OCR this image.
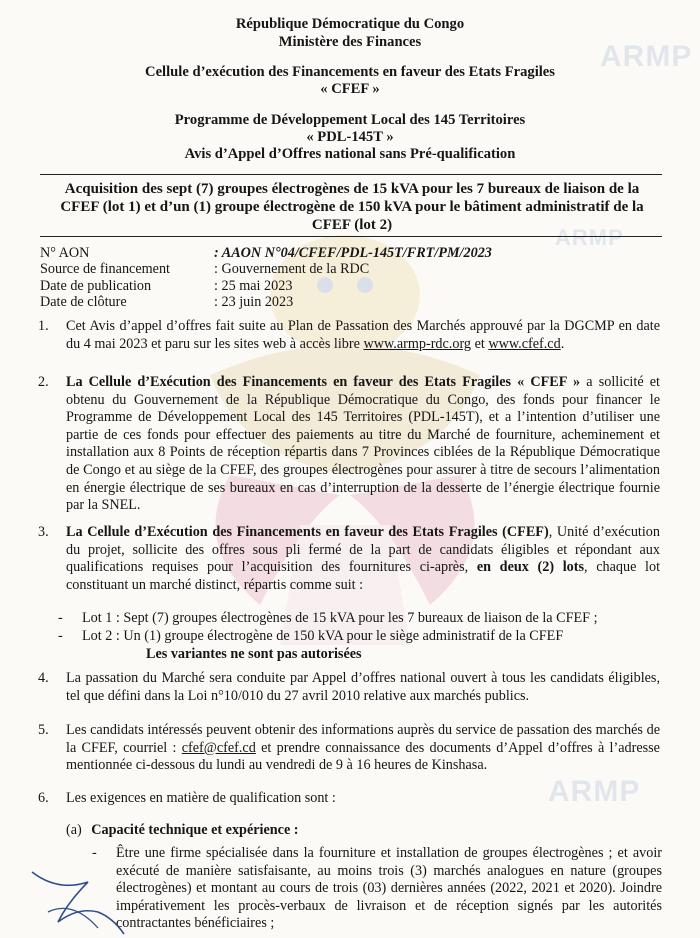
ARMP
ARMP
ARMP
République Démocratique du Congo
Ministère des Finances
Cellule d’exécution des Financements en faveur des Etats Fragiles
« CFEF »
Programme de Développement Local des 145 Territoires
« PDL-145T »
Avis d’Appel d’Offres national sans Pré-qualification
Acquisition des sept (7) groupes électrogènes de 15 kVA pour les 7 bureaux de liaison de la
CFEF (lot 1) et d’un (1) groupe électrogène de 150 kVA pour le bâtiment administratif de la
CFEF (lot 2)
N° AON	: AAON N°04/CFEF/PDL-145T/FRT/PM/2023
Source de financement	: Gouvernement de la RDC
Date de publication	: 25 mai 2023
Date de clôture	: 23 juin 2023
1.	Cet Avis d’appel d’offres fait suite au Plan de Passation des Marchés approuvé par la DGCMP en date du 4 mai 2023 et paru sur les sites web à accès libre www.armp-rdc.org et www.cfef.cd.
2.	La Cellule d’Exécution des Financements en faveur des Etats Fragiles « CFEF » a sollicité et obtenu du Gouvernement de la République Démocratique du Congo, des fonds pour financer le Programme de Développement Local des 145 Territoires (PDL-145T), et a l’intention d’utiliser une partie de ces fonds pour effectuer des paiements au titre du Marché de fourniture, acheminement et installation aux 8 Points de réception répartis dans 7 Provinces ciblées de la République Démocratique de Congo et au siège de la CFEF, des groupes électrogènes pour assurer à titre de secours l’alimentation en énergie électrique de ses bureaux en cas d’interruption de la desserte de l’énergie électrique fournie par la SNEL.
3.	La Cellule d’Exécution des Financements en faveur des Etats Fragiles (CFEF), Unité d’exécution du projet, sollicite des offres sous pli fermé de la part de candidats éligibles et répondant aux qualifications requises pour l’acquisition des fournitures ci-après, en deux (2) lots, chaque lot constituant un marché distinct, répartis comme suit :
- Lot 1 : Sept (7) groupes électrogènes de 15 kVA pour les 7 bureaux de liaison de la CFEF ;
- Lot 2 : Un (1) groupe électrogène de 150 kVA pour le siège administratif de la CFEF
Les variantes ne sont pas autorisées
4.	La passation du Marché sera conduite par Appel d’offres national ouvert à tous les candidats éligibles, tel que défini dans la Loi n°10/010 du 27 avril 2010 relative aux marchés publics.
5.	Les candidats intéressés peuvent obtenir des informations auprès du service de passation des marchés de la CFEF, courriel : cfef@cfef.cd et prendre connaissance des documents d’Appel d’offres à l’adresse mentionnée ci-dessous du lundi au vendredi de 9 à 16 heures de Kinshasa.
6.	Les exigences en matière de qualification sont :
(a) Capacité technique et expérience :
-	Être une firme spécialisée dans la fourniture et installation de groupes électrogènes ; et avoir exécuté de manière satisfaisante, au moins trois (3) marchés analogues en nature (groupes électrogènes) et montant au cours de trois (03) dernières années (2022, 2021 et 2020). Joindre impérativement les procès-verbaux de livraison et de réception signés par les autorités contractantes bénéficiaires ;
